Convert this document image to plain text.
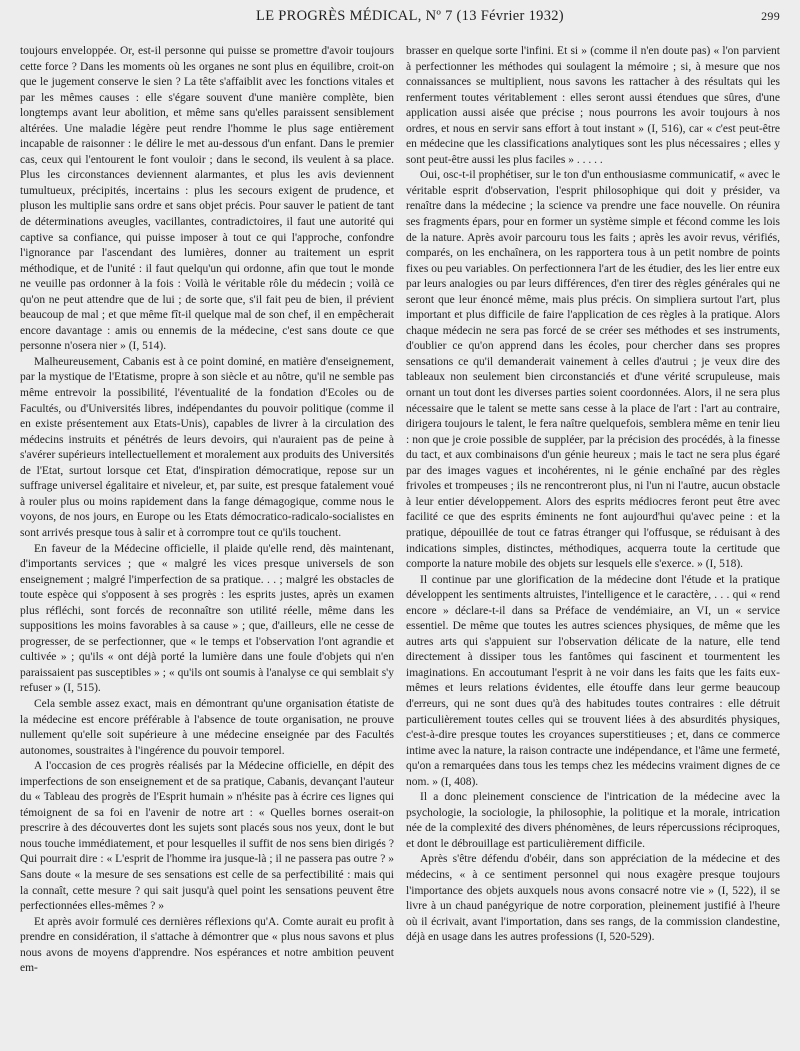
LE PROGRÈS MÉDICAL, Nº 7 (13 Février 1932)	299

toujours enveloppée. Or, est-il personne qui puisse se promettre d'avoir toujours cette force ? Dans les moments où les organes ne sont plus en équilibre, croit-on que le jugement conserve le sien ? La tête s'affaiblit avec les fonctions vitales et par les mêmes causes : elle s'égare souvent d'une manière complète, bien longtemps avant leur abolition, et même sans qu'elles paraissent sensiblement altérées. Une maladie légère peut rendre l'homme le plus sage entièrement incapable de raisonner : le délire le met au-dessous d'un enfant. Dans le premier cas, ceux qui l'entourent le font vouloir ; dans le second, ils veulent à sa place. Plus les circonstances deviennent alarmantes, et plus les avis deviennent tumultueux, précipités, incertains : plus les secours exigent de prudence, et pluson les multiplie sans ordre et sans objet précis. Pour sauver le patient de tant de déterminations aveugles, vacillantes, contradictoires, il faut une autorité qui captive sa confiance, qui puisse imposer à tout ce qui l'approche, confondre l'ignorance par l'ascendant des lumières, donner au traitement un esprit méthodique, et de l'unité : il faut quelqu'un qui ordonne, afin que tout le monde ne veuille pas ordonner à la fois : Voilà le véritable rôle du médecin ; voilà ce qu'on ne peut attendre que de lui ; de sorte que, s'il fait peu de bien, il prévient beaucoup de mal ; et que même fît-il quelque mal de son chef, il en empêcherait encore davantage : amis ou ennemis de la médecine, c'est sans doute ce que personne n'osera nier » (I, 514).

Malheureusement, Cabanis est à ce point dominé, en matière d'enseignement, par la mystique de l'Etatisme, propre à son siècle et au nôtre, qu'il ne semble pas même entrevoir la possibilité, l'éventualité de la fondation d'Ecoles ou de Facultés, ou d'Universités libres, indépendantes du pouvoir politique (comme il en existe présentement aux Etats-Unis), capables de livrer à la circulation des médecins instruits et pénétrés de leurs devoirs, qui n'auraient pas de peine à s'avérer supérieurs intellectuellement et moralement aux produits des Universités de l'Etat, surtout lorsque cet Etat, d'inspiration démocratique, repose sur un suffrage universel égalitaire et niveleur, et, par suite, est presque fatalement voué à rouler plus ou moins rapidement dans la fange démagogique, comme nous le voyons, de nos jours, en Europe ou les Etats démocratico-radicalo-socialistes en sont arrivés presque tous à salir et à corrompre tout ce qu'ils touchent.

En faveur de la Médecine officielle, il plaide qu'elle rend, dès maintenant, d'importants services ; que « malgré les vices presque universels de son enseignement ; malgré l'imperfection de sa pratique. . . ; malgré les obstacles de toute espèce qui s'opposent à ses progrès : les esprits justes, après un examen plus réfléchi, sont forcés de reconnaître son utilité réelle, même dans les suppositions les moins favorables à sa cause » ; que, d'ailleurs, elle ne cesse de progresser, de se perfectionner, que « le temps et l'observation l'ont agrandie et cultivée » ; qu'ils « ont déjà porté la lumière dans une foule d'objets qui n'en paraissaient pas susceptibles » ; « qu'ils ont soumis à l'analyse ce qui semblait s'y refuser » (I, 515).

Cela semble assez exact, mais en démontrant qu'une organisation étatiste de la médecine est encore préférable à l'absence de toute organisation, ne prouve nullement qu'elle soit supérieure à une médecine enseignée par des Facultés autonomes, soustraites à l'ingérence du pouvoir temporel.

A l'occasion de ces progrès réalisés par la Médecine officielle, en dépit des imperfections de son enseignement et de sa pratique, Cabanis, devançant l'auteur du « Tableau des progrès de l'Esprit humain » n'hésite pas à écrire ces lignes qui témoignent de sa foi en l'avenir de notre art : « Quelles bornes oserait-on prescrire à des découvertes dont les sujets sont placés sous nos yeux, dont le but nous touche immédiatement, et pour lesquelles il suffit de nos sens bien dirigés ? Qui pourrait dire : « L'esprit de l'homme ira jusque-là ; il ne passera pas outre ? » Sans doute « la mesure de ses sensations est celle de sa perfectibilité : mais qui la connaît, cette mesure ? qui sait jusqu'à quel point les sensations peuvent être perfectionnées elles-mêmes ? »

Et après avoir formulé ces dernières réflexions qu'A. Comte aurait eu profit à prendre en considération, il s'attache à démontrer que « plus nous savons et plus nous avons de moyens d'apprendre. Nos espérances et notre ambition peuvent em-

brasser en quelque sorte l'infini. Et si » (comme il n'en doute pas) « l'on parvient à perfectionner les méthodes qui soulagent la mémoire ; si, à mesure que nos connaissances se multiplient, nous savons les rattacher à des résultats qui les renferment toutes véritablement : elles seront aussi étendues que sûres, d'une application aussi aisée que précise ; nous pourrons les avoir toujours à nos ordres, et nous en servir sans effort à tout instant » (I, 516), car « c'est peut-être en médecine que les classifications analytiques sont les plus nécessaires ; elles y sont peut-être aussi les plus faciles » . . . . .

Oui, osc-t-il prophétiser, sur le ton d'un enthousiasme communicatif, « avec le véritable esprit d'observation, l'esprit philosophique qui doit y présider, va renaître dans la médecine ; la science va prendre une face nouvelle. On réunira ses fragments épars, pour en former un système simple et fécond comme les lois de la nature. Après avoir parcouru tous les faits ; après les avoir revus, vérifiés, comparés, on les enchaînera, on les rapportera tous à un petit nombre de points fixes ou peu variables. On perfectionnera l'art de les étudier, des les lier entre eux par leurs analogies ou par leurs différences, d'en tirer des règles générales qui ne seront que leur énoncé même, mais plus précis. On simpliera surtout l'art, plus important et plus difficile de faire l'application de ces règles à la pratique. Alors chaque médecin ne sera pas forcé de se créer ses méthodes et ses instruments, d'oublier ce qu'on apprend dans les écoles, pour chercher dans ses propres sensations ce qu'il demanderait vainement à celles d'autrui ; je veux dire des tableaux non seulement bien circonstanciés et d'une vérité scrupuleuse, mais ornant un tout dont les diverses parties soient coordonnées. Alors, il ne sera plus nécessaire que le talent se mette sans cesse à la place de l'art : l'art au contraire, dirigera toujours le talent, le fera naître quelquefois, semblera même en tenir lieu : non que je croie possible de suppléer, par la précision des procédés, à la finesse du tact, et aux combinaisons d'un génie heureux ; mais le tact ne sera plus égaré par des images vagues et incohérentes, ni le génie enchaîné par des règles frivoles et trompeuses ; ils ne rencontreront plus, ni l'un ni l'autre, aucun obstacle à leur entier développement. Alors des esprits médiocres feront peut être avec facilité ce que des esprits éminents ne font aujourd'hui qu'avec peine : et la pratique, dépouillée de tout ce fatras étranger qui l'offusque, se réduisant à des indications simples, distinctes, méthodiques, acquerra toute la certitude que comporte la nature mobile des objets sur lesquels elle s'exerce. » (I, 518).

Il continue par une glorification de la médecine dont l'étude et la pratique développent les sentiments altruistes, l'intelligence et le caractère, . . . qui « rend encore » déclare-t-il dans sa Préface de vendémiaire, an VI, un « service essentiel. De même que toutes les autres sciences physiques, de même que les autres arts qui s'appuient sur l'observation délicate de la nature, elle tend directement à dissiper tous les fantômes qui fascinent et tourmentent les imaginations. En accoutumant l'esprit à ne voir dans les faits que les faits eux-mêmes et leurs relations évidentes, elle étouffe dans leur germe beaucoup d'erreurs, qui ne sont dues qu'à des habitudes toutes contraires : elle détruit particulièrement toutes celles qui se trouvent liées à des absurdités physiques, c'est-à-dire presque toutes les croyances superstitieuses ; et, dans ce commerce intime avec la nature, la raison contracte une indépendance, et l'âme une fermeté, qu'on a remarquées dans tous les temps chez les médecins vraiment dignes de ce nom. » (I, 408).

Il a donc pleinement conscience de l'intrication de la médecine avec la psychologie, la sociologie, la philosophie, la politique et la morale, intrication née de la complexité des divers phénomènes, de leurs répercussions réciproques, et dont le débrouillage est particulièrement difficile.

Après s'être défendu d'obéir, dans son appréciation de la médecine et des médecins, « à ce sentiment personnel qui nous exagère presque toujours l'importance des objets auxquels nous avons consacré notre vie » (I, 522), il se livre à un chaud panégyrique de notre corporation, pleinement justifié à l'heure où il écrivait, avant l'importation, dans ses rangs, de la commission clandestine, déjà en usage dans les autres professions (I, 520-529).
